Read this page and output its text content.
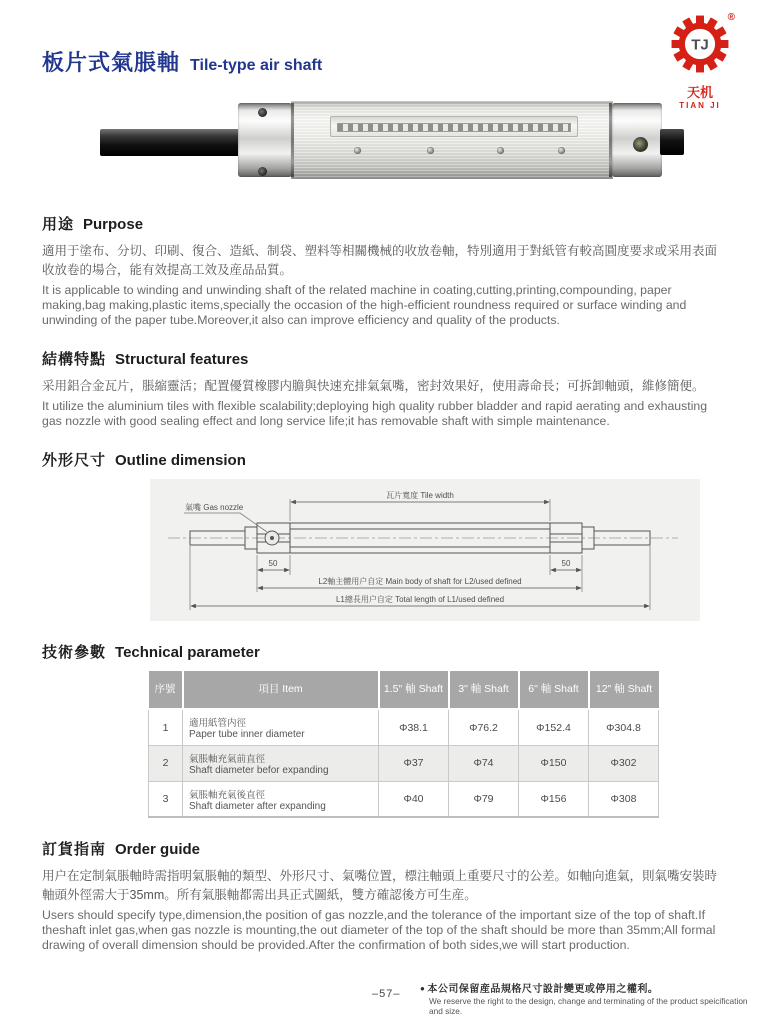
®
TJ
天机
TIAN JI
板片式氣脹軸 Tile-type air shaft
用途 Purpose

適用于塗布、分切、印刷、復合、造紙、制袋、塑料等相關機械的收放卷軸，特別適用于對紙管有較高圓度要求或采用表面收放卷的場合，能有效提高工效及産品品質。

It is applicable to winding and unwinding shaft of the related machine in coating,cutting,printing,compounding, paper making,bag making,plastic items,specially the occasion of the high-efficient roundness required or surface winding and unwinding of the paper tube.Moreover,it also can improve efficiency and quality of the products.

結構特點 Structural features

采用鋁合金瓦片，脹縮靈活；配置優質橡膠内膽與快速充排氣氣嘴，密封效果好，使用壽命長；可拆卸軸頭，維修簡便。

It utilize the aluminium tiles with flexible scalability;deploying high quality rubber bladder and rapid aerating and exhausting gas nozzle with good sealing effect and long service life;it has removable shaft with simple maintenance.

外形尺寸 Outline dimension
氣嘴 Gas nozzle
瓦片寬度 Tile width
50	50
L2軸主體用户自定 Main body of shaft for L2/used defined
L1總長用户自定 Total length of L1/used defined
技術參數 Technical parameter
序號	項目 Item	1.5" 軸 Shaft	3" 軸 Shaft	6" 軸 Shaft	12" 軸 Shaft
1	適用紙管内徑
Paper tube inner diameter	Φ38.1	Φ76.2	Φ152.4	Φ304.8
2	氣脹軸充氣前直徑
Shaft diameter befor expanding	Φ37	Φ74	Φ150	Φ302
3	氣脹軸充氣後直徑
Shaft diameter after expanding	Φ40	Φ79	Φ156	Φ308
訂貨指南 Order guide

用户在定制氣脹軸時需指明氣脹軸的類型、外形尺寸、氣嘴位置，標注軸頭上重要尺寸的公差。如軸向進氣，則氣嘴安裝時軸頭外徑需大于35mm。所有氣脹軸都需出具正式圖紙，雙方確認後方可生産。

Users should specify type,dimension,the position of gas nozzle,and the tolerance of the important size of the top of shaft.If theshaft inlet gas,when gas nozzle is mounting,the out diameter of the top of the shaft should be more than 35mm;All formal drawing of overall dimension should be provided.After the confirmation of both sides,we will start production.

–57– ● 本公司保留産品規格尺寸設計變更或停用之權利。
We reserve the right to the design, change and terminating of the product speicification and size.
